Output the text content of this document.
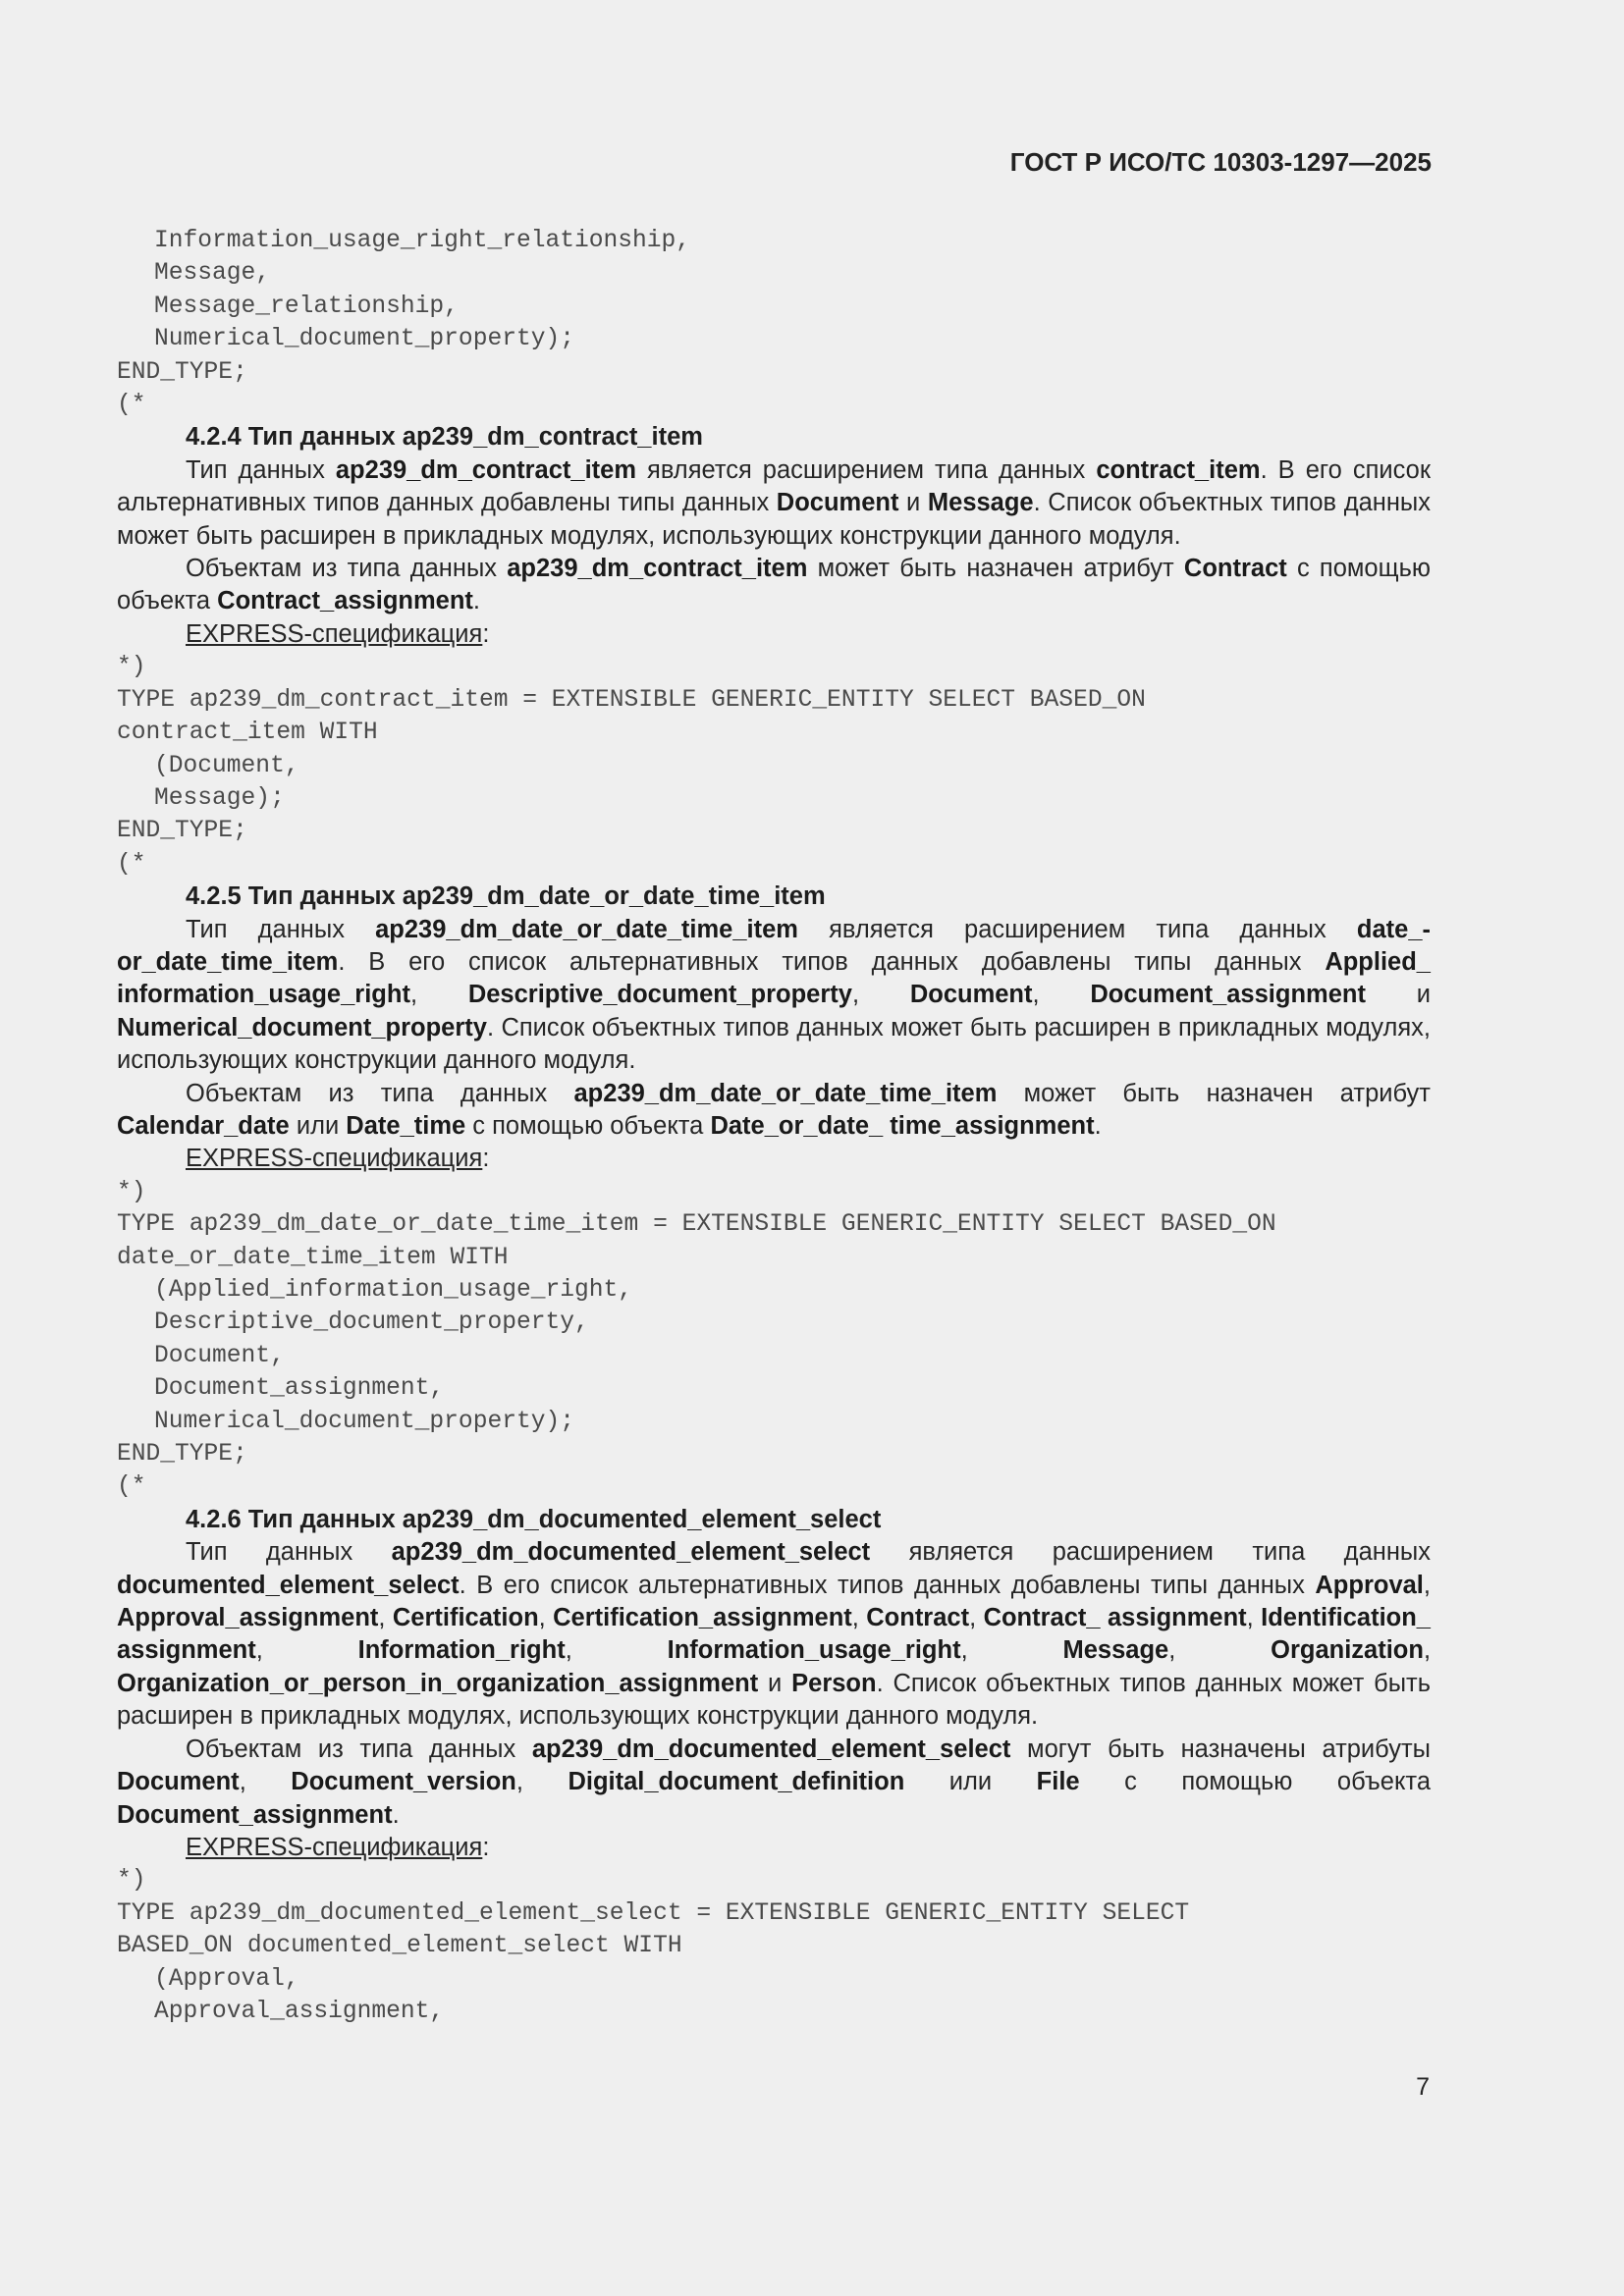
ГОСТ Р ИСО/ТС 10303-1297—2025
Information_usage_right_relationship,
Message,
Message_relationship,
Numerical_document_property);
END_TYPE;
(*
4.2.4 Тип данных ap239_dm_contract_item

Тип данных ap239_dm_contract_item является расширением типа данных contract_item. В его список альтернативных типов данных добавлены типы данных Document и Message. Список объектных типов данных может быть расширен в прикладных модулях, использующих конструкции данного модуля.

Объектам из типа данных ap239_dm_contract_item может быть назначен атрибут Contract с помощью объекта Contract_assignment.

EXPRESS-спецификация:
*)
TYPE ap239_dm_contract_item = EXTENSIBLE GENERIC_ENTITY SELECT BASED_ON
contract_item WITH
(Document,
Message);
END_TYPE;
(*
4.2.5 Тип данных ap239_dm_date_or_date_time_item

Тип данных ap239_dm_date_or_date_time_item является расширением типа данных date_or_date_time_item. В его список альтернативных типов данных добавлены типы данных Applied_ information_usage_right, Descriptive_document_property, Document, Document_assignment и Numerical_document_property. Список объектных типов данных может быть расширен в прикладных модулях, использующих конструкции данного модуля.

Объектам из типа данных ap239_dm_date_or_date_time_item может быть назначен атрибут Calendar_date или Date_time с помощью объекта Date_or_date_ time_assignment.

EXPRESS-спецификация:
*)
TYPE ap239_dm_date_or_date_time_item = EXTENSIBLE GENERIC_ENTITY SELECT BASED_ON
date_or_date_time_item WITH
(Applied_information_usage_right,
Descriptive_document_property,
Document,
Document_assignment,
Numerical_document_property);
END_TYPE;
(*
4.2.6 Тип данных ap239_dm_documented_element_select

Тип данных ap239_dm_documented_element_select является расширением типа данных documented_element_select. В его список альтернативных типов данных добавлены типы данных Approval, Approval_assignment, Certification, Certification_assignment, Contract, Contract_ assignment, Identification_ assignment, Information_right, Information_usage_right, Message, Organization, Organization_or_person_in_organization_assignment и Person. Список объектных типов данных может быть расширен в прикладных модулях, использующих конструкции данного модуля.

Объектам из типа данных ap239_dm_documented_element_select могут быть назначены атрибуты Document, Document_version, Digital_document_definition или File с помощью объекта Document_assignment.

EXPRESS-спецификация:
*)
TYPE ap239_dm_documented_element_select = EXTENSIBLE GENERIC_ENTITY SELECT
BASED_ON documented_element_select WITH
(Approval,
Approval_assignment,
7
